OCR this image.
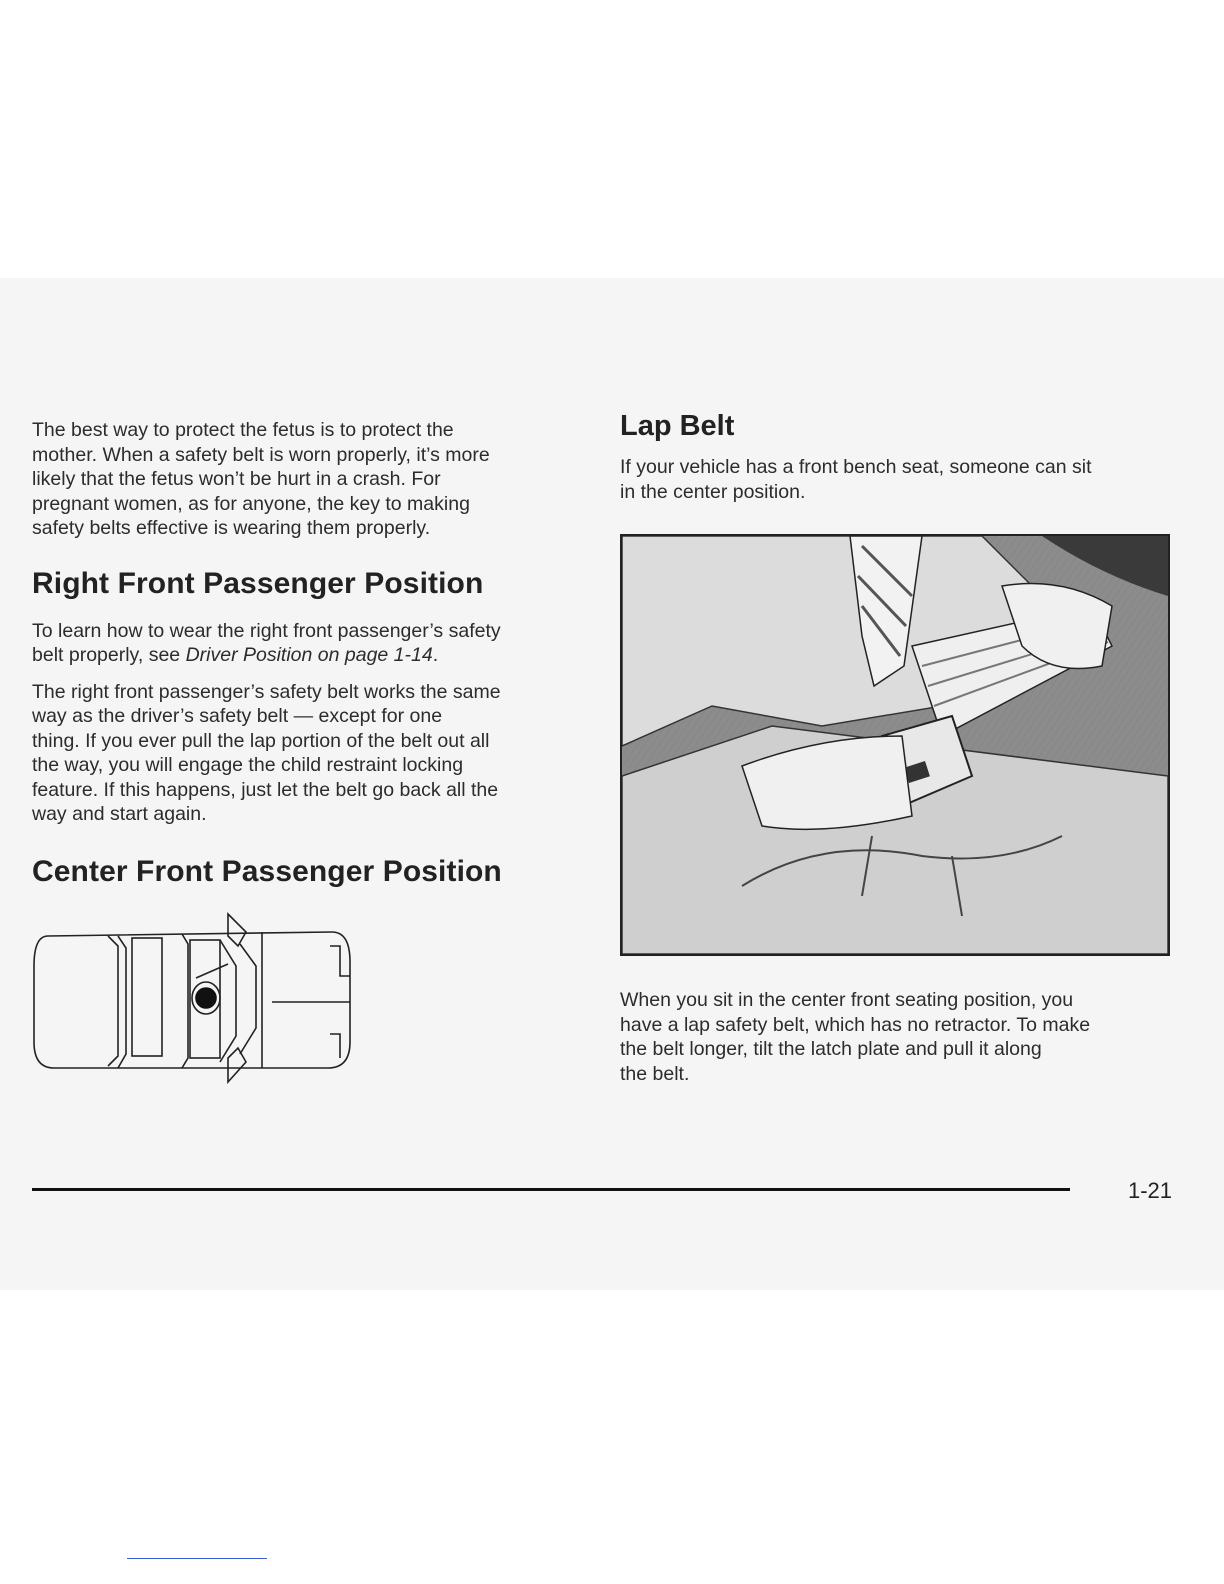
The best way to protect the fetus is to protect the
mother. When a safety belt is worn properly, it’s more
likely that the fetus won’t be hurt in a crash. For
pregnant women, as for anyone, the key to making
safety belts effective is wearing them properly.

Right Front Passenger Position

To learn how to wear the right front passenger’s safety
belt properly, see Driver Position on page 1-14.

The right front passenger’s safety belt works the same
way as the driver’s safety belt — except for one
thing. If you ever pull the lap portion of the belt out all
the way, you will engage the child restraint locking
feature. If this happens, just let the belt go back all the
way and start again.

Center Front Passenger Position
Lap Belt

If your vehicle has a front bench seat, someone can sit
in the center position.

When you sit in the center front seating position, you
have a lap safety belt, which has no retractor. To make
the belt longer, tilt the latch plate and pull it along
the belt.

1-21
